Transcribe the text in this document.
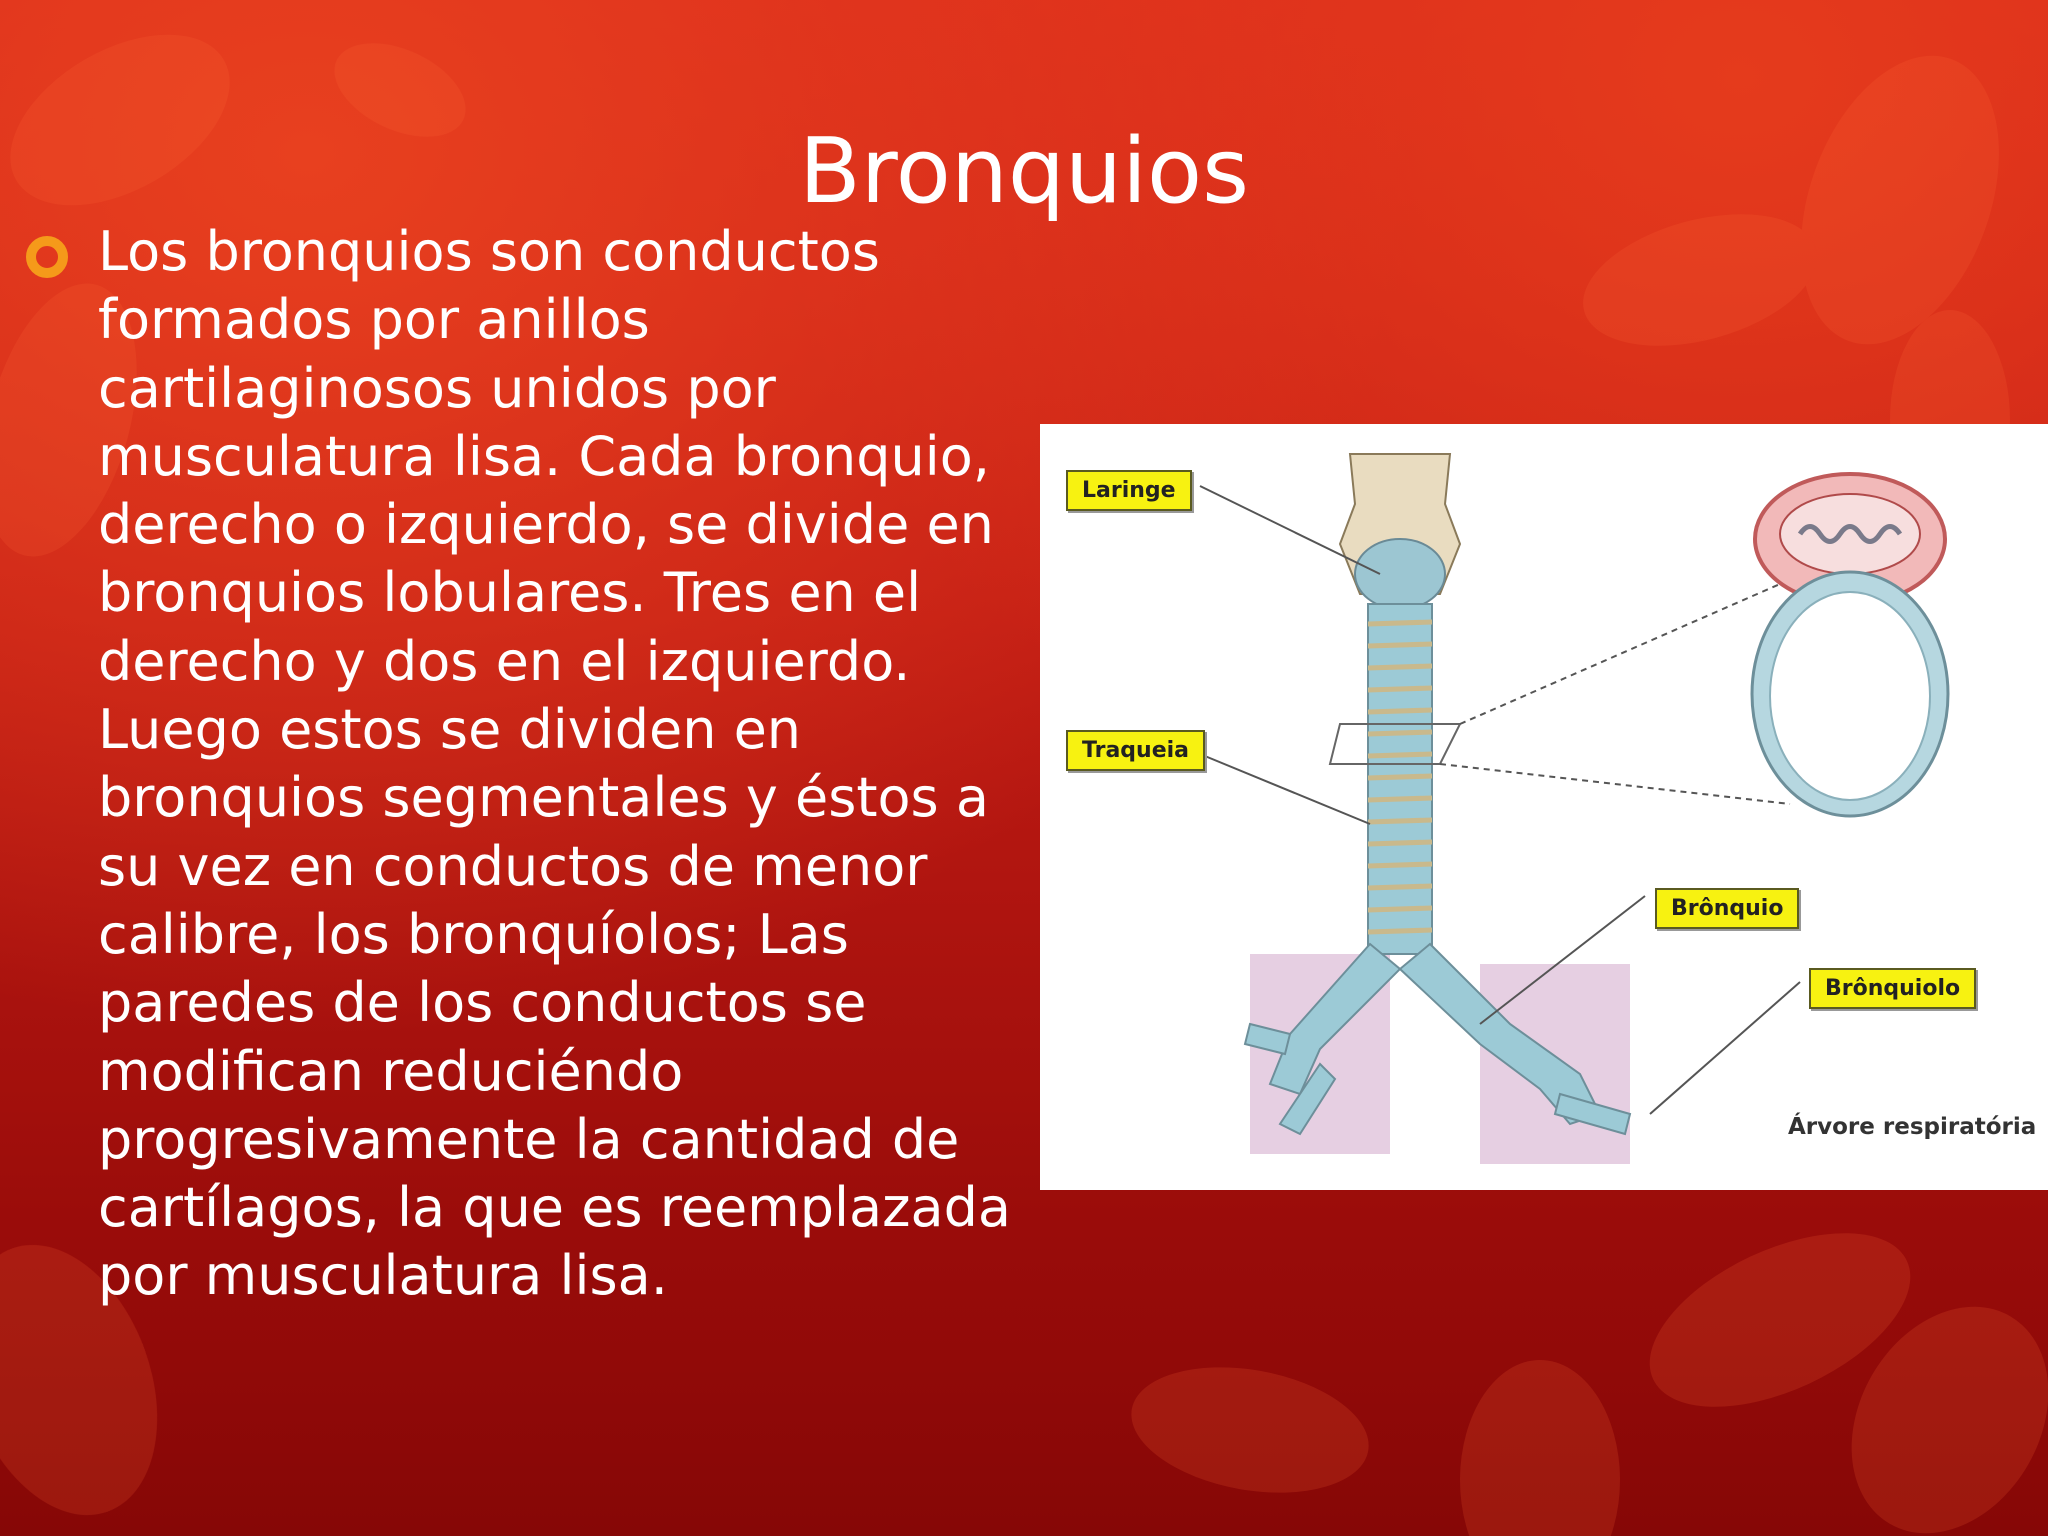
Bronquios

Los bronquios son conductos formados por anillos cartilaginosos unidos por musculatura lisa. Cada bronquio, derecho o izquierdo, se divide en bronquios lobulares. Tres en el derecho y dos en el izquierdo. Luego estos se dividen en bronquios segmentales y éstos a su vez en conductos de menor calibre, los bronquíolos; Las paredes de los conductos se modifican reduciéndo progresivamente la cantidad de cartílagos, la que es reemplazada por musculatura lisa.

Laringe
Traqueia
Brônquio
Brônquiolo
Árvore respiratória
